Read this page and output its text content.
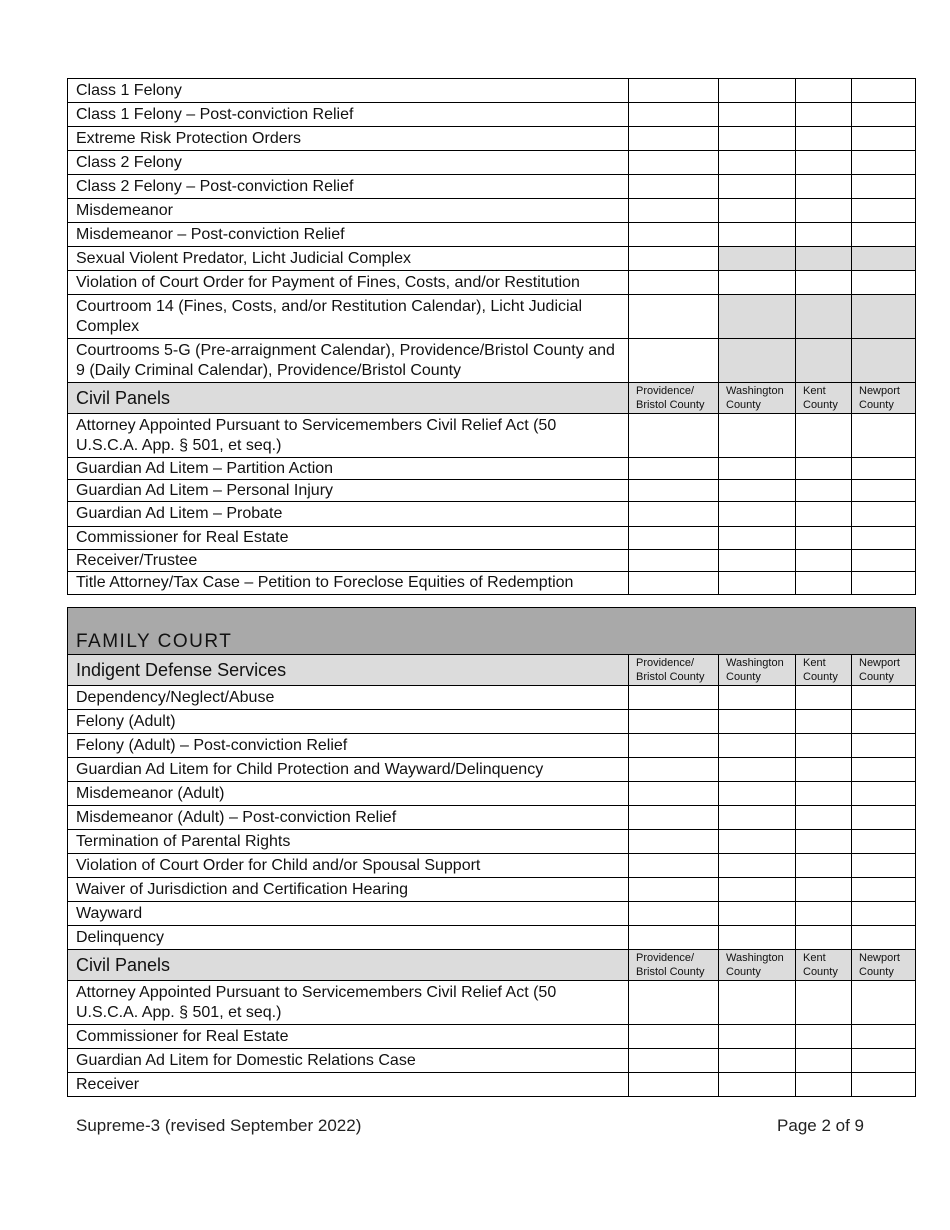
Class 1 Felony				
Class 1 Felony – Post-conviction Relief				
Extreme Risk Protection Orders				
Class 2 Felony				
Class 2 Felony – Post-conviction Relief				
Misdemeanor				
Misdemeanor – Post-conviction Relief				
Sexual Violent Predator, Licht Judicial Complex				
Violation of Court Order for Payment of Fines, Costs, and/or Restitution				
Courtroom 14 (Fines, Costs, and/or Restitution Calendar), Licht Judicial Complex				
Courtrooms 5-G (Pre-arraignment Calendar), Providence/Bristol County and 9 (Daily Criminal Calendar), Providence/Bristol County				
Civil Panels	Providence/ Bristol County	Washington County	Kent County	Newport County
Attorney Appointed Pursuant to Servicemembers Civil Relief Act (50 U.S.C.A. App. § 501, et seq.)				
Guardian Ad Litem – Partition Action				
Guardian Ad Litem – Personal Injury				
Guardian Ad Litem – Probate				
Commissioner for Real Estate				
Receiver/Trustee				
Title Attorney/Tax Case – Petition to Foreclose Equities of Redemption				
FAMILY COURT				
Indigent Defense Services	Providence/ Bristol County	Washington County	Kent County	Newport County
Dependency/Neglect/Abuse				
Felony (Adult)				
Felony (Adult) – Post-conviction Relief				
Guardian Ad Litem for Child Protection and Wayward/Delinquency				
Misdemeanor (Adult)				
Misdemeanor (Adult) – Post-conviction Relief				
Termination of Parental Rights				
Violation of Court Order for Child and/or Spousal Support				
Waiver of Jurisdiction and Certification Hearing				
Wayward				
Delinquency				
Civil Panels	Providence/ Bristol County	Washington County	Kent County	Newport County
Attorney Appointed Pursuant to Servicemembers Civil Relief Act (50 U.S.C.A. App. § 501, et seq.)				
Commissioner for Real Estate				
Guardian Ad Litem for Domestic Relations Case				
Receiver				
Supreme-3 (revised September 2022)	Page 2 of 9
